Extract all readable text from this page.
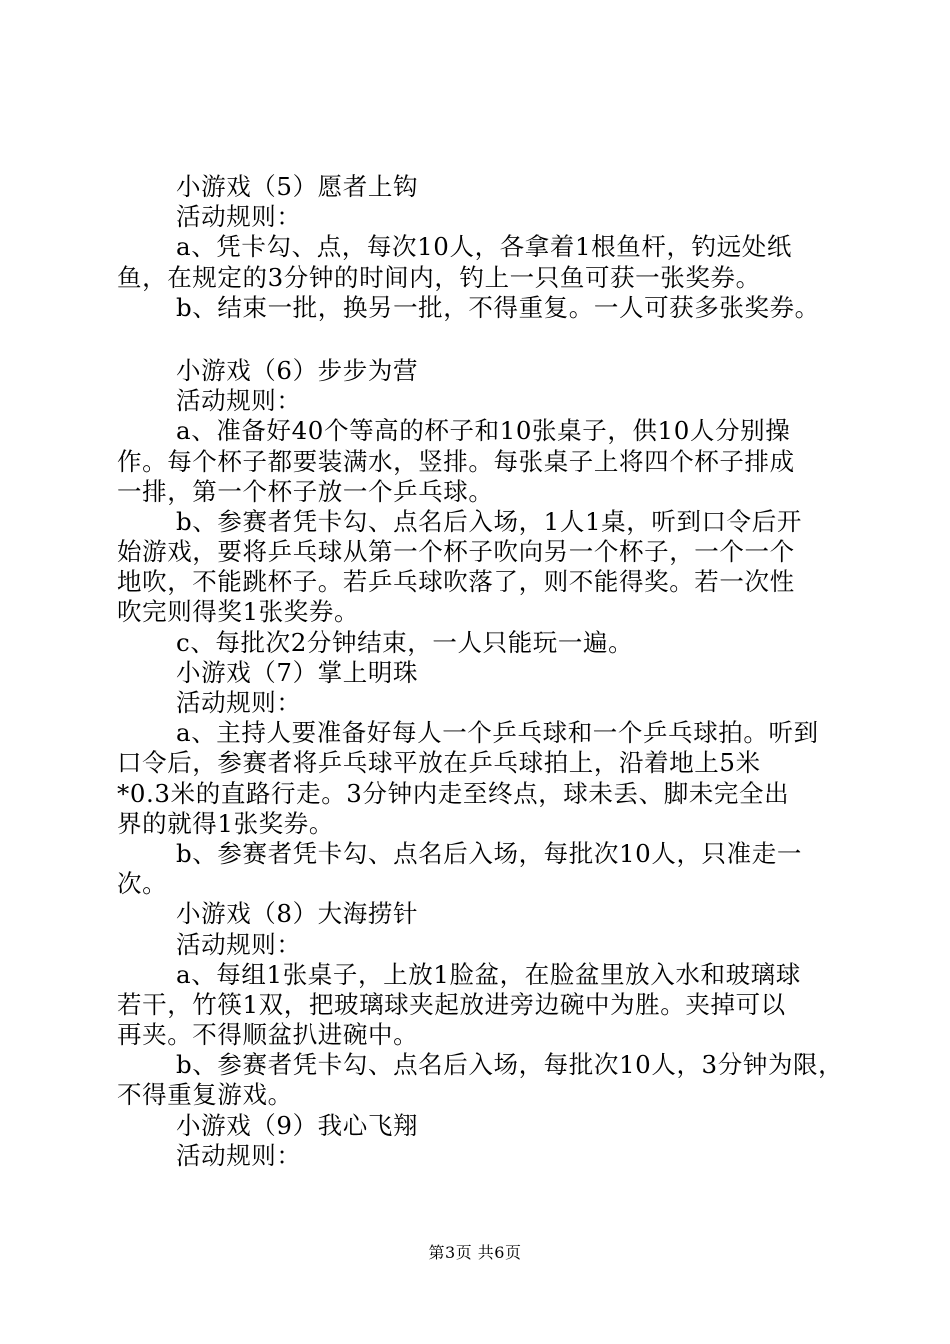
小游戏（5）愿者上钩
活动规则：
a、凭卡勾、点，每次10人，各拿着1根鱼杆，钓远处纸
鱼，在规定的3分钟的时间内，钓上一只鱼可获一张奖券。
b、结束一批，换另一批，不得重复。一人可获多张奖券。
小游戏（6）步步为营
活动规则：
a、准备好40个等高的杯子和10张桌子，供10人分别操
作。每个杯子都要装满水，竖排。每张桌子上将四个杯子排成
一排，第一个杯子放一个乒乓球。
b、参赛者凭卡勾、点名后入场，1人1桌，听到口令后开
始游戏，要将乒乓球从第一个杯子吹向另一个杯子，一个一个
地吹，不能跳杯子。若乒乓球吹落了，则不能得奖。若一次性
吹完则得奖1张奖券。
c、每批次2分钟结束，一人只能玩一遍。
小游戏（7）掌上明珠
活动规则：
a、主持人要准备好每人一个乒乓球和一个乒乓球拍。听到
口令后，参赛者将乒乓球平放在乒乓球拍上，沿着地上5米
*0.3米的直路行走。3分钟内走至终点，球未丢、脚未完全出
界的就得1张奖券。
b、参赛者凭卡勾、点名后入场，每批次10人，只准走一
次。
小游戏（8）大海捞针
活动规则：
a、每组1张桌子，上放1脸盆，在脸盆里放入水和玻璃球
若干，竹筷1双，把玻璃球夹起放进旁边碗中为胜。夹掉可以
再夹。不得顺盆扒进碗中。
b、参赛者凭卡勾、点名后入场，每批次10人，3分钟为限，
不得重复游戏。
小游戏（9）我心飞翔
活动规则：
第3页 共6页
